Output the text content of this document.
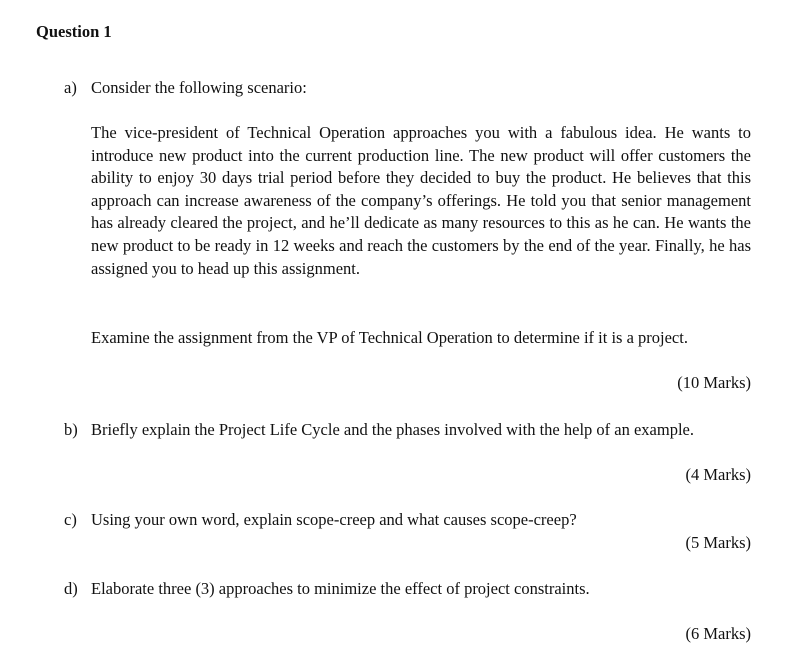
Question 1
a) Consider the following scenario:
The vice-president of Technical Operation approaches you with a fabulous idea. He wants to introduce new product into the current production line. The new product will offer customers the ability to enjoy 30 days trial period before they decided to buy the product. He believes that this approach can increase awareness of the company’s offerings. He told you that senior management has already cleared the project, and he’ll dedicate as many resources to this as he can. He wants the new product to be ready in 12 weeks and reach the customers by the end of the year. Finally, he has assigned you to head up this assignment.
Examine the assignment from the VP of Technical Operation to determine if it is a project.
(10 Marks)
b) Briefly explain the Project Life Cycle and the phases involved with the help of an example.
(4 Marks)
c) Using your own word, explain scope-creep and what causes scope-creep?
(5 Marks)
d) Elaborate three (3) approaches to minimize the effect of project constraints.
(6 Marks)
